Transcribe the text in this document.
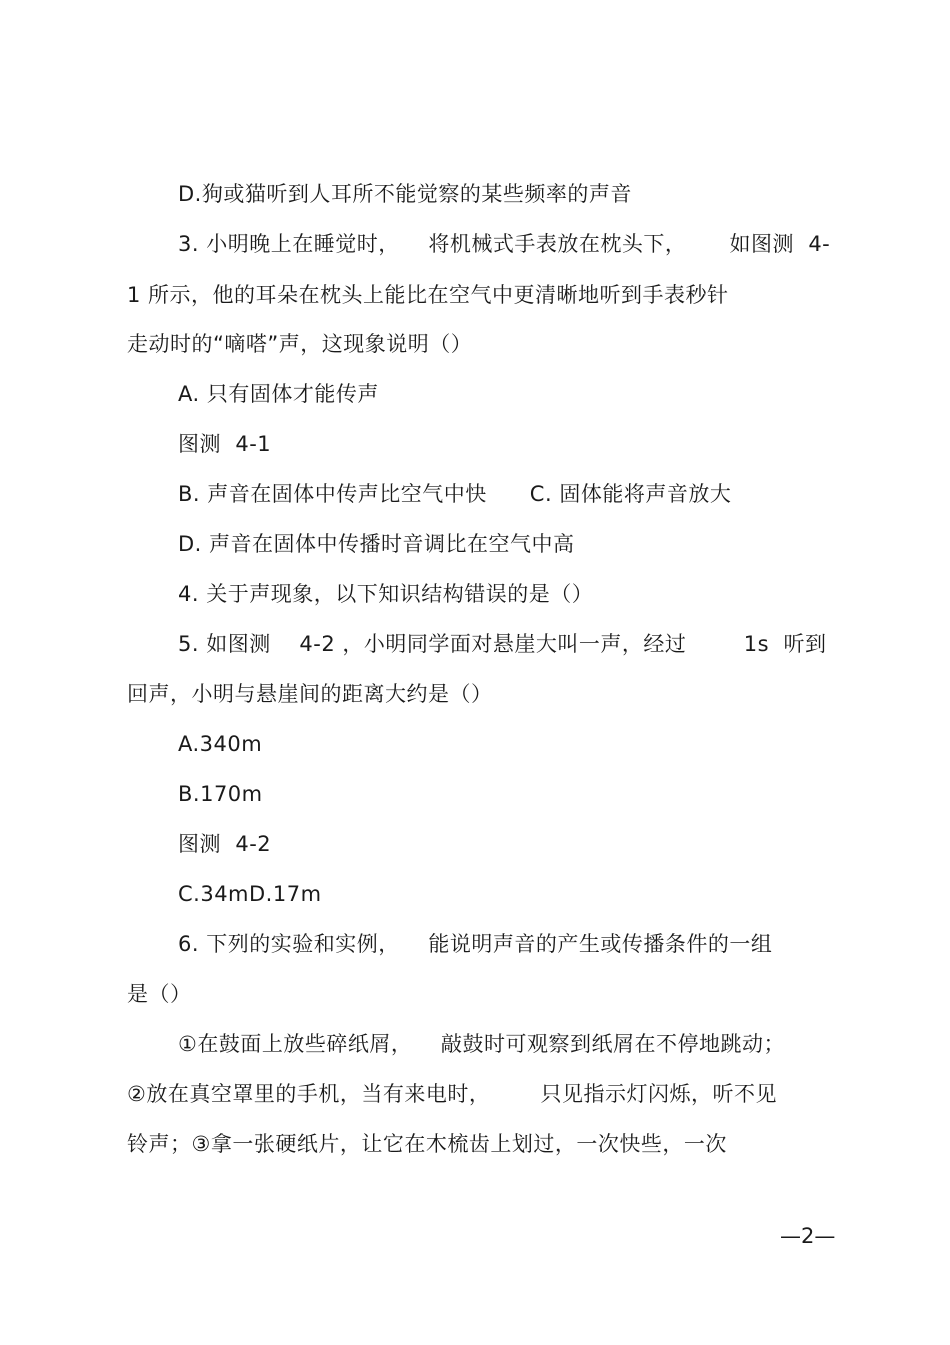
D.狗或猫听到人耳所不能觉察的某些频率的声音
3. 小明晚上在睡觉时，    将机械式手表放在枕头下，      如图测  4-
1 所示，他的耳朵在枕头上能比在空气中更清晰地听到手表秒针
走动时的“嘀嗒”声，这现象说明（）
A. 只有固体才能传声
图测  4-1
B. 声音在固体中传声比空气中快      C. 固体能将声音放大
D. 声音在固体中传播时音调比在空气中高
4. 关于声现象，以下知识结构错误的是（）
5. 如图测    4-2 ，小明同学面对悬崖大叫一声，经过        1s  听到
回声，小明与悬崖间的距离大约是（）
A.340m
B.170m
图测  4-2
C.34mD.17m
6. 下列的实验和实例，    能说明声音的产生或传播条件的一组
是（）
①在鼓面上放些碎纸屑，    敲鼓时可观察到纸屑在不停地跳动；
②放在真空罩里的手机，当有来电时，       只见指示灯闪烁，听不见
铃声；③拿一张硬纸片，让它在木梳齿上划过，一次快些，一次
—2—
